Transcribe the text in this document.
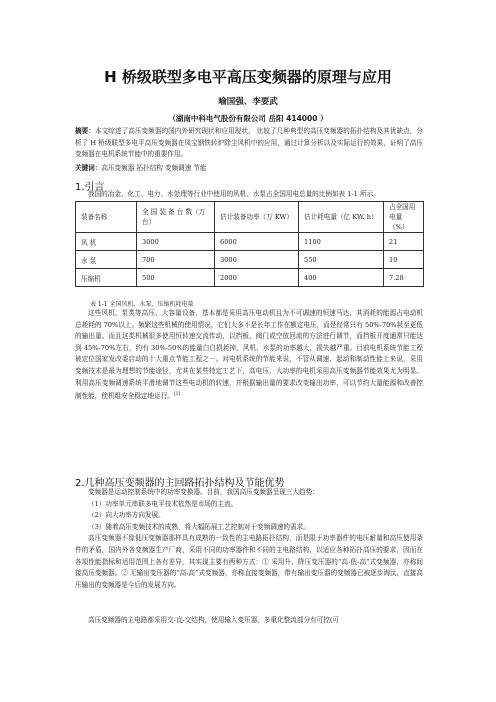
H 桥级联型多电平高压变频器的原理与应用
喻国强、李要武
（湖南中科电气股份有限公司 岳阳 414000 ）

摘要：本文综述了高压变频器的国内外研究现状和应用现状， 比较了几种典型的高压变频器的拓扑结构及其优缺点，分析了 H 桥级联型多电平高压变频器在凤宝钢铁转炉除尘风机中的应用，通过计算分析以及实际运行的效果，证明了高压变频器在电机系统节能中的重要作用。

关键词：高压变频器 拓扑结构 变频调速 节能

1.引言

我国的冶金、化工、电力、水处理等行业中使用的风机、水泵占全国用电总量的比例如表 1-1 所示。

装备名称	全 国 装 备 台 数（万台）	估计装备功率（万 KW）	估计耗电量（亿 KW. h）	占全国用电量（%）
风 机	3000	6000	1100	21
水 泵	700	3000	550	10
压缩机	500	2000	400	7.28
表 1-1 全国风机、水泵、压缩机耗电量

这些风机、泵类等高压、大容量设备，基本都是采用高压电动机且为不可调速的恒速马达，其消耗的能源占电动机总耗耗的 70%以上。频繁这些机械的使用情况，它们大多不是长年工作在额定电压，而是经常只有 50%-70%甚至更低的输出量。而且这类机械很多使用恒转速交流传动，以挡板、阀门或空放回流的方法进行调节，而挡板开度通常只能达到 45%-70%左右，约有 30%-50%的能量白白损耗掉，风机、水泵的功率越大，损失越严重。目前电机系统节能工程被定位国家发改委启动的十大重点节能工程之一。对电机系统的节能来说，不管从调速、起动和制动性能上来说，采用变频技术是最为理想的节能途径，尤其在某些特定工艺下，高电压、大功率的电机采用高压变频器节能效果尤为明显。利用高压变频调速系统平滑地调节这些电动机的转速，并根据输出量的要求改变输出功率，可以节约大量能源和改善控制性能，使机组安全稳定地运行。[1]

2.几种高压变频器的主回路拓扑结构及节能优势

变频器是运动控制系统中的功率变换器。目前，我国高压变频器呈现三大趋势：

（1）功率单元串联多电平技术依然是市场的主流。
（2）向大功率方向发展。
（3）随着高压变频技术的成熟，将大幅拓展工艺控制对于变频调速的需求。

高压变频器不像低压变频器那样具有成熟的一致性的主电路拓扑结构，而是限于功率器件的电压耐量和高压使用条件的矛盾，国内外各变频器生产厂商，采用不同的功率器件和不同的主电路结构，以适应各种拓扑高压的要求，因而在各项性能指标和适用范围上各有差异，其实现主要有两种方式：① 采用升、降压变压器的“高-低-高”式变频器，亦称间接高压变频器。② 无输出变压器的“高-高”式变频器，亦称直接变频器，带有输出变压器的变频器已被逐步淘汰，直接高压输出的变频器是今后的发展方向。

高压变频器的主电路都采用交-直-交结构，使用输入变压器，多重化整流部分有可控(可
